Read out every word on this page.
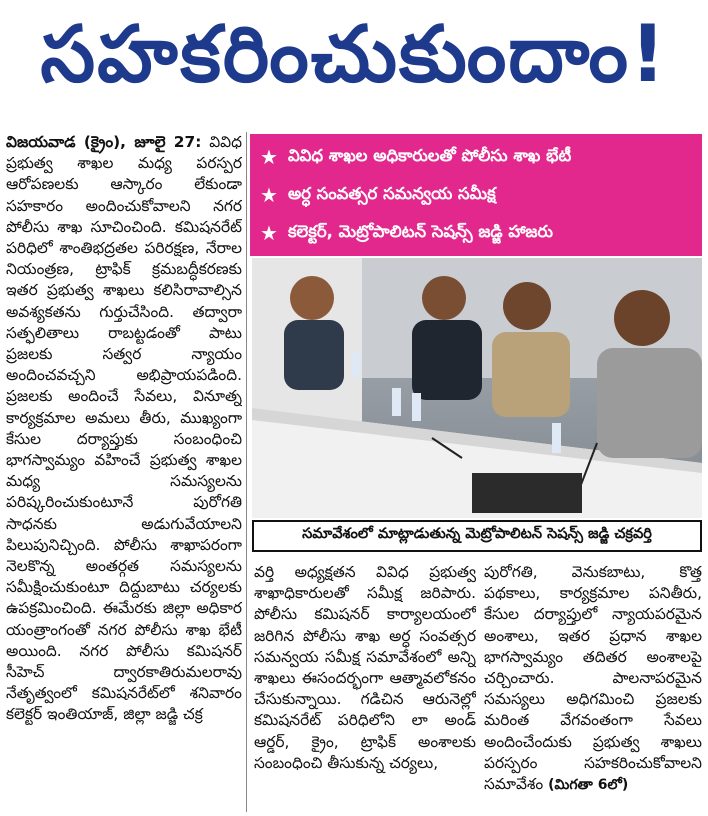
సహకరించుకుందాం!
విజయవాడ (క్రైం), జూలై 27: వివిధ ప్రభుత్వ శాఖల మధ్య పరస్పర ఆరోపణలకు ఆస్కారం లేకుండా సహకారం అందించుకోవాలని నగర పోలీసు శాఖ సూచించింది. కమిషనరేట్ పరిధిలో శాంతిభద్రతల పరిరక్షణ, నేరాల నియంత్రణ, ట్రాఫిక్ క్రమబద్ధీకరణకు ఇతర ప్రభుత్వ శాఖలు కలిసిరావాల్సిన అవశ్యకతను గుర్తుచేసింది. తద్వారా సత్ఫలితాలు రాబట్టడంతో పాటు ప్రజలకు సత్వర న్యాయం అందించవచ్చని అభిప్రాయపడింది. ప్రజలకు అందించే సేవలు, వినూత్న కార్యక్రమాల అమలు తీరు, ముఖ్యంగా కేసుల దర్యాప్తుకు సంబంధించి భాగస్వామ్యం వహించే ప్రభుత్వ శాఖల మధ్య సమస్యలను పరిష్కరించుకుంటూనే పురోగతి సాధనకు అడుగువేయాలని పిలుపునిచ్చింది. పోలీసు శాఖాపరంగా నెలకొన్న అంతర్గత సమస్యలను సమీక్షించుకుంటూ దిద్దుబాటు చర్యలకు ఉపక్రమించింది. ఈమేరకు జిల్లా అధికార యంత్రాంగంతో నగర పోలీసు శాఖ భేటీ అయింది. నగర పోలీసు కమిషనర్ సీహెచ్ ద్వారకాతిరుమలరావు నేతృత్వంలో కమిషనరేట్‌లో శనివారం కలెక్టర్ ఇంతియాజ్, జిల్లా జడ్జి చక్ర
★ వివిధ శాఖల అధికారులతో పోలీసు శాఖ భేటీ
★ అర్ధ సంవత్సర సమన్వయ సమీక్ష
★ కలెక్టర్, మెట్రోపాలిటన్ సెషన్స్ జడ్జి హాజరు
సమావేశంలో మాట్లాడుతున్న మెట్రోపాలిటన్ సెషన్స్ జడ్జి చక్రవర్తి
వర్తి అధ్యక్షతన వివిధ ప్రభుత్వ శాఖాధికారులతో సమీక్ష జరిపారు. పోలీసు కమిషనర్ కార్యాలయంలో జరిగిన పోలీసు శాఖ అర్ధ సంవత్సర సమన్వయ సమీక్ష సమావేశంలో అన్ని శాఖలు ఈసందర్భంగా ఆత్మావలోకనం చేసుకున్నాయి. గడిచిన ఆరునెల్లో కమిషనరేట్ పరిధిలోని లా అండ్ ఆర్డర్, క్రైం, ట్రాఫిక్ అంశాలకు సంబంధించి తీసుకున్న చర్యలు,
పురోగతి, వెనుకబాటు, కొత్త పథకాలు, కార్యక్రమాల పనితీరు, కేసుల దర్యాప్తులో న్యాయపరమైన అంశాలు, ఇతర ప్రధాన శాఖల భాగస్వామ్యం తదితర అంశాలపై చర్చించారు. పాలనాపరమైన సమస్యలు అధిగమించి ప్రజలకు మరింత వేగవంతంగా సేవలు అందించేందుకు ప్రభుత్వ శాఖలు పరస్పరం సహకరించుకోవాలని సమావేశం (మిగతా 6లో)
